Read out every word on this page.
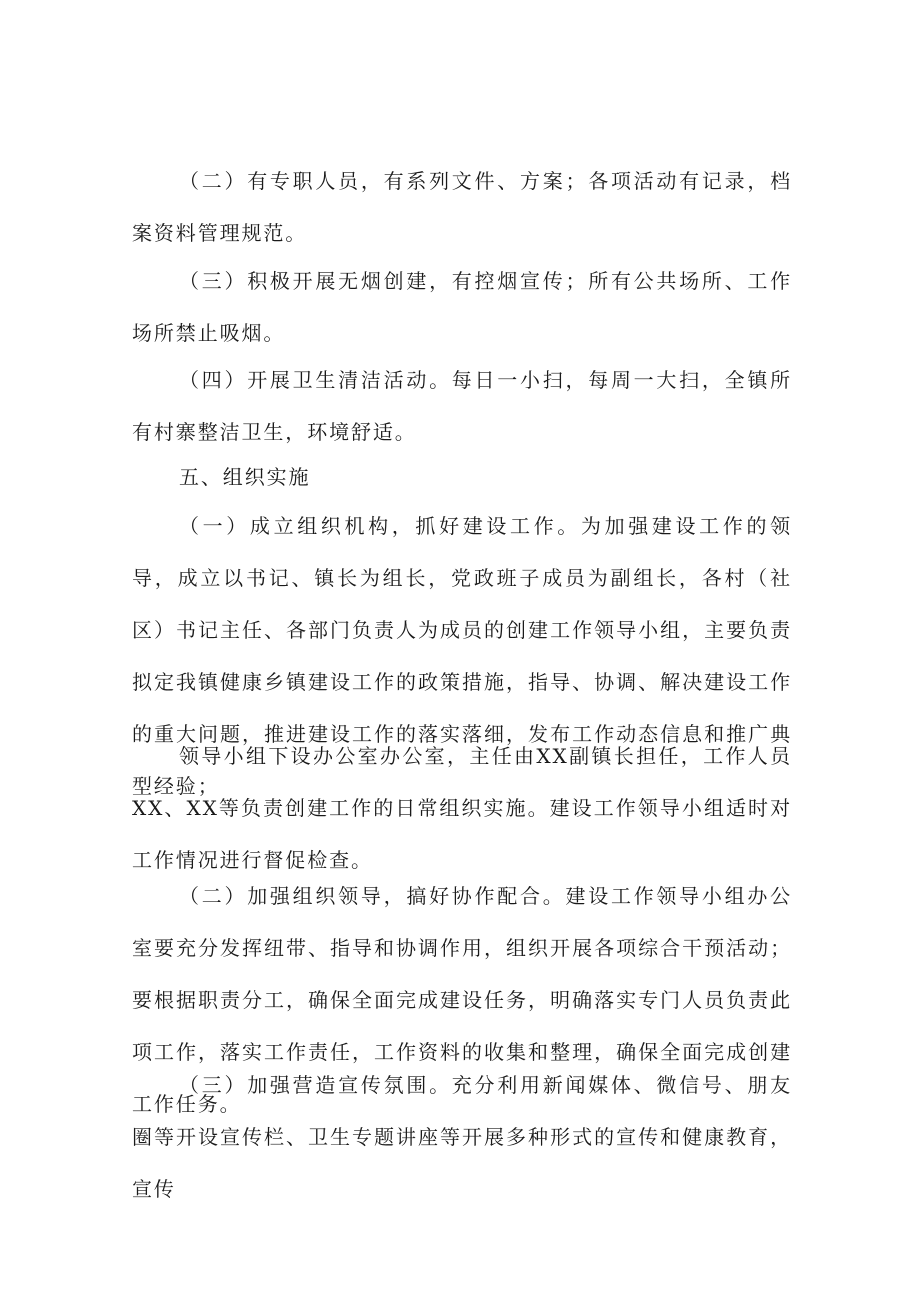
（二）有专职人员，有系列文件、方案；各项活动有记录，档案资料管理规范。

（三）积极开展无烟创建，有控烟宣传；所有公共场所、工作场所禁止吸烟。

（四）开展卫生清洁活动。每日一小扫，每周一大扫，全镇所有村寨整洁卫生，环境舒适。

五、组织实施

（一）成立组织机构，抓好建设工作。为加强建设工作的领导，成立以书记、镇长为组长，党政班子成员为副组长，各村（社区）书记主任、各部门负责人为成员的创建工作领导小组，主要负责拟定我镇健康乡镇建设工作的政策措施，指导、协调、解决建设工作的重大问题，推进建设工作的落实落细，发布工作动态信息和推广典型经验；

领导小组下设办公室办公室，主任由XX副镇长担任，工作人员XX、XX等负责创建工作的日常组织实施。建设工作领导小组适时对工作情况进行督促检查。

（二）加强组织领导，搞好协作配合。建设工作领导小组办公室要充分发挥纽带、指导和协调作用，组织开展各项综合干预活动；要根据职责分工，确保全面完成建设任务，明确落实专门人员负责此项工作，落实工作责任，工作资料的收集和整理，确保全面完成创建工作任务。

（三）加强营造宣传氛围。充分利用新闻媒体、微信号、朋友圈等开设宣传栏、卫生专题讲座等开展多种形式的宣传和健康教育，宣传
